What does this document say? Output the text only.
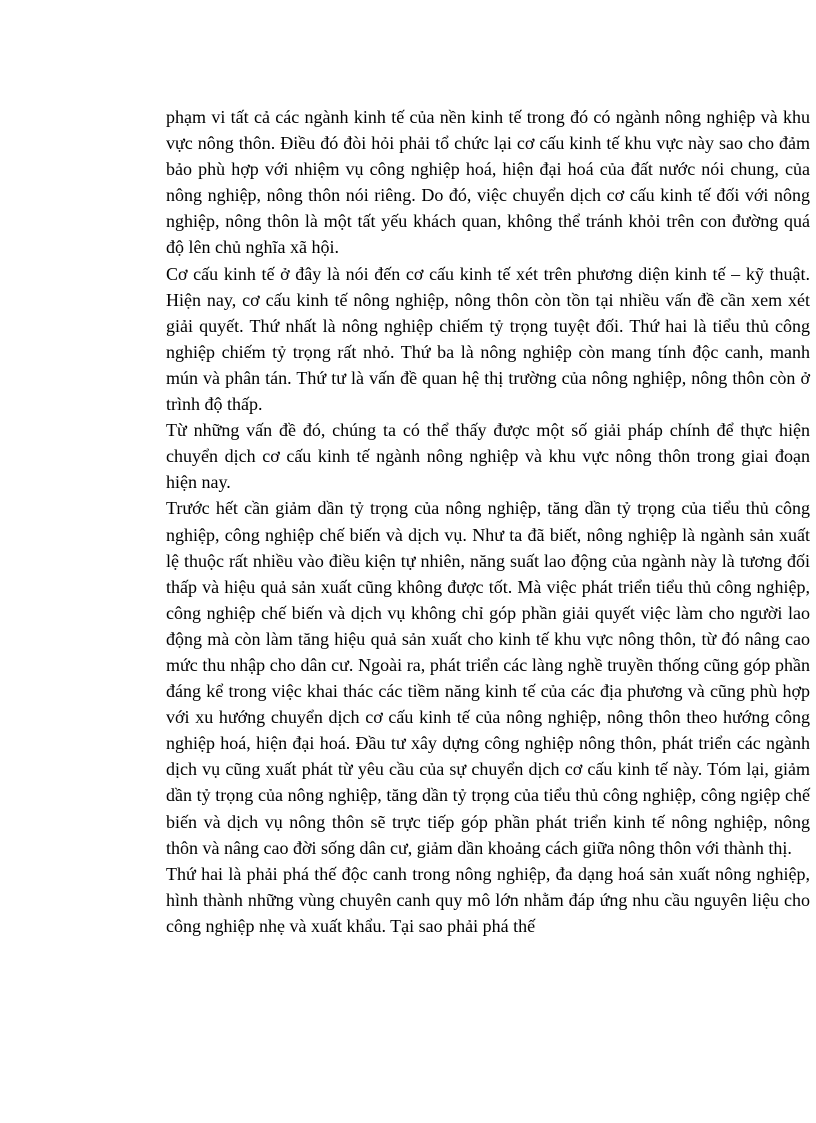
phạm vi tất cả các ngành kinh tế của nền kinh tế trong đó có ngành nông nghiệp và khu vực nông thôn. Điều đó đòi hỏi phải tổ chức lại cơ cấu kinh tế khu vực này sao cho đảm bảo phù hợp với nhiệm vụ công nghiệp hoá, hiện đại hoá của đất nước nói chung, của nông nghiệp, nông thôn nói riêng. Do đó, việc chuyển dịch cơ cấu kinh tế đối với nông nghiệp, nông thôn là một tất yếu khách quan, không thể tránh khỏi trên con đường quá độ lên chủ nghĩa xã hội.

Cơ cấu kinh tế ở đây là nói đến cơ cấu kinh tế xét trên phương diện kinh tế – kỹ thuật. Hiện nay, cơ cấu kinh tế nông nghiệp, nông thôn còn tồn tại nhiều vấn đề cần xem xét giải quyết. Thứ nhất là nông nghiệp chiếm tỷ trọng tuyệt đối. Thứ hai là tiểu thủ công nghiệp chiếm tỷ trọng rất nhỏ. Thứ ba là nông nghiệp còn mang tính độc canh, manh mún và phân tán. Thứ tư là vấn đề quan hệ thị trường của nông nghiệp, nông thôn còn ở trình độ thấp.

Từ những vấn đề đó, chúng ta có thể thấy được một số giải pháp chính để thực hiện chuyển dịch cơ cấu kinh tế ngành nông nghiệp và khu vực nông thôn trong giai đoạn hiện nay.

Trước hết cần giảm dần tỷ trọng của nông nghiệp, tăng dần tỷ trọng của tiểu thủ công nghiệp, công nghiệp chế biến và dịch vụ. Như ta đã biết, nông nghiệp là ngành sản xuất lệ thuộc rất nhiều vào điều kiện tự nhiên, năng suất lao động của ngành này là tương đối thấp và hiệu quả sản xuất cũng không được tốt. Mà việc phát triển tiểu thủ công nghiệp, công nghiệp chế biến và dịch vụ không chỉ góp phần giải quyết việc làm cho người lao động mà còn làm tăng hiệu quả sản xuất cho kinh tế khu vực nông thôn, từ đó nâng cao mức thu nhập cho dân cư. Ngoài ra, phát triển các làng nghề truyền thống cũng góp phần đáng kể trong việc khai thác các tiềm năng kinh tế của các địa phương và cũng phù hợp với xu hướng chuyển dịch cơ cấu kinh tế của nông nghiệp, nông thôn theo hướng công nghiệp hoá, hiện đại hoá. Đầu tư xây dựng công nghiệp nông thôn, phát triển các ngành dịch vụ cũng xuất phát từ yêu cầu của sự chuyển dịch cơ cấu kinh tế này. Tóm lại, giảm dần tỷ trọng của nông nghiệp, tăng dần tỷ trọng của tiểu thủ công nghiệp, công ngiệp chế biến và dịch vụ nông thôn sẽ trực tiếp góp phần phát triển kinh tế nông nghiệp, nông thôn và nâng cao đời sống dân cư, giảm dần khoảng cách giữa nông thôn với thành thị.

Thứ hai là phải phá thế độc canh trong nông nghiệp, đa dạng hoá sản xuất nông nghiệp, hình thành những vùng chuyên canh quy mô lớn nhằm đáp ứng nhu cầu nguyên liệu cho công nghiệp nhẹ và xuất khẩu. Tại sao phải phá thế
